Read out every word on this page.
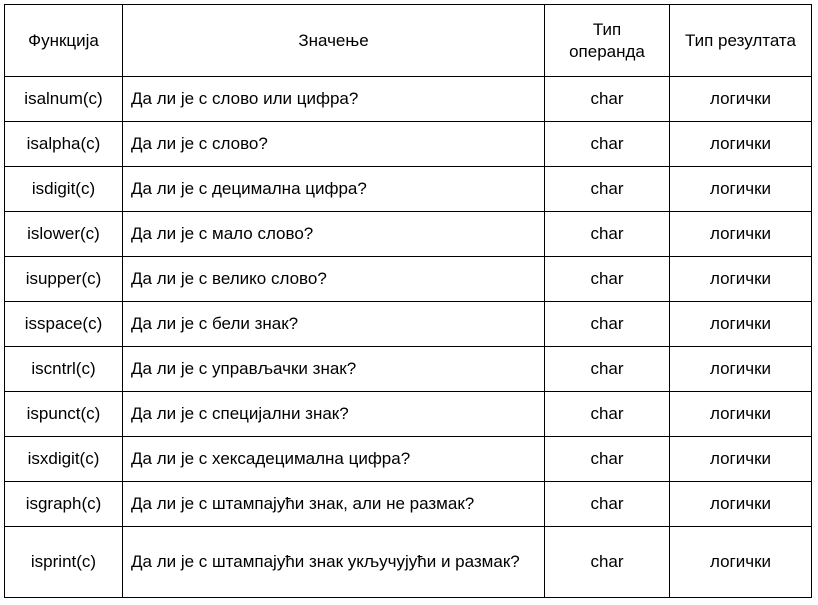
Функција	Значење	Тип операнда	Тип резултата
isalnum(c)	Да ли је c слово или цифра?	char	логички
isalpha(c)	Да ли је c слово?	char	логички
isdigit(c)	Да ли је c децимална цифра?	char	логички
islower(c)	Да ли је c мало слово?	char	логички
isupper(c)	Да ли је c велико слово?	char	логички
isspace(c)	Да ли је c бели знак?	char	логички
iscntrl(c)	Да ли је c управљачки знак?	char	логички
ispunct(c)	Да ли је c специјални знак?	char	логички
isxdigit(c)	Да ли је c хексадецимална цифра?	char	логички
isgraph(c)	Да ли је c штампајући знак, али не размак?	char	логички
isprint(c)	Да ли је c штампајући знак укључујући и размак?	char	логички
